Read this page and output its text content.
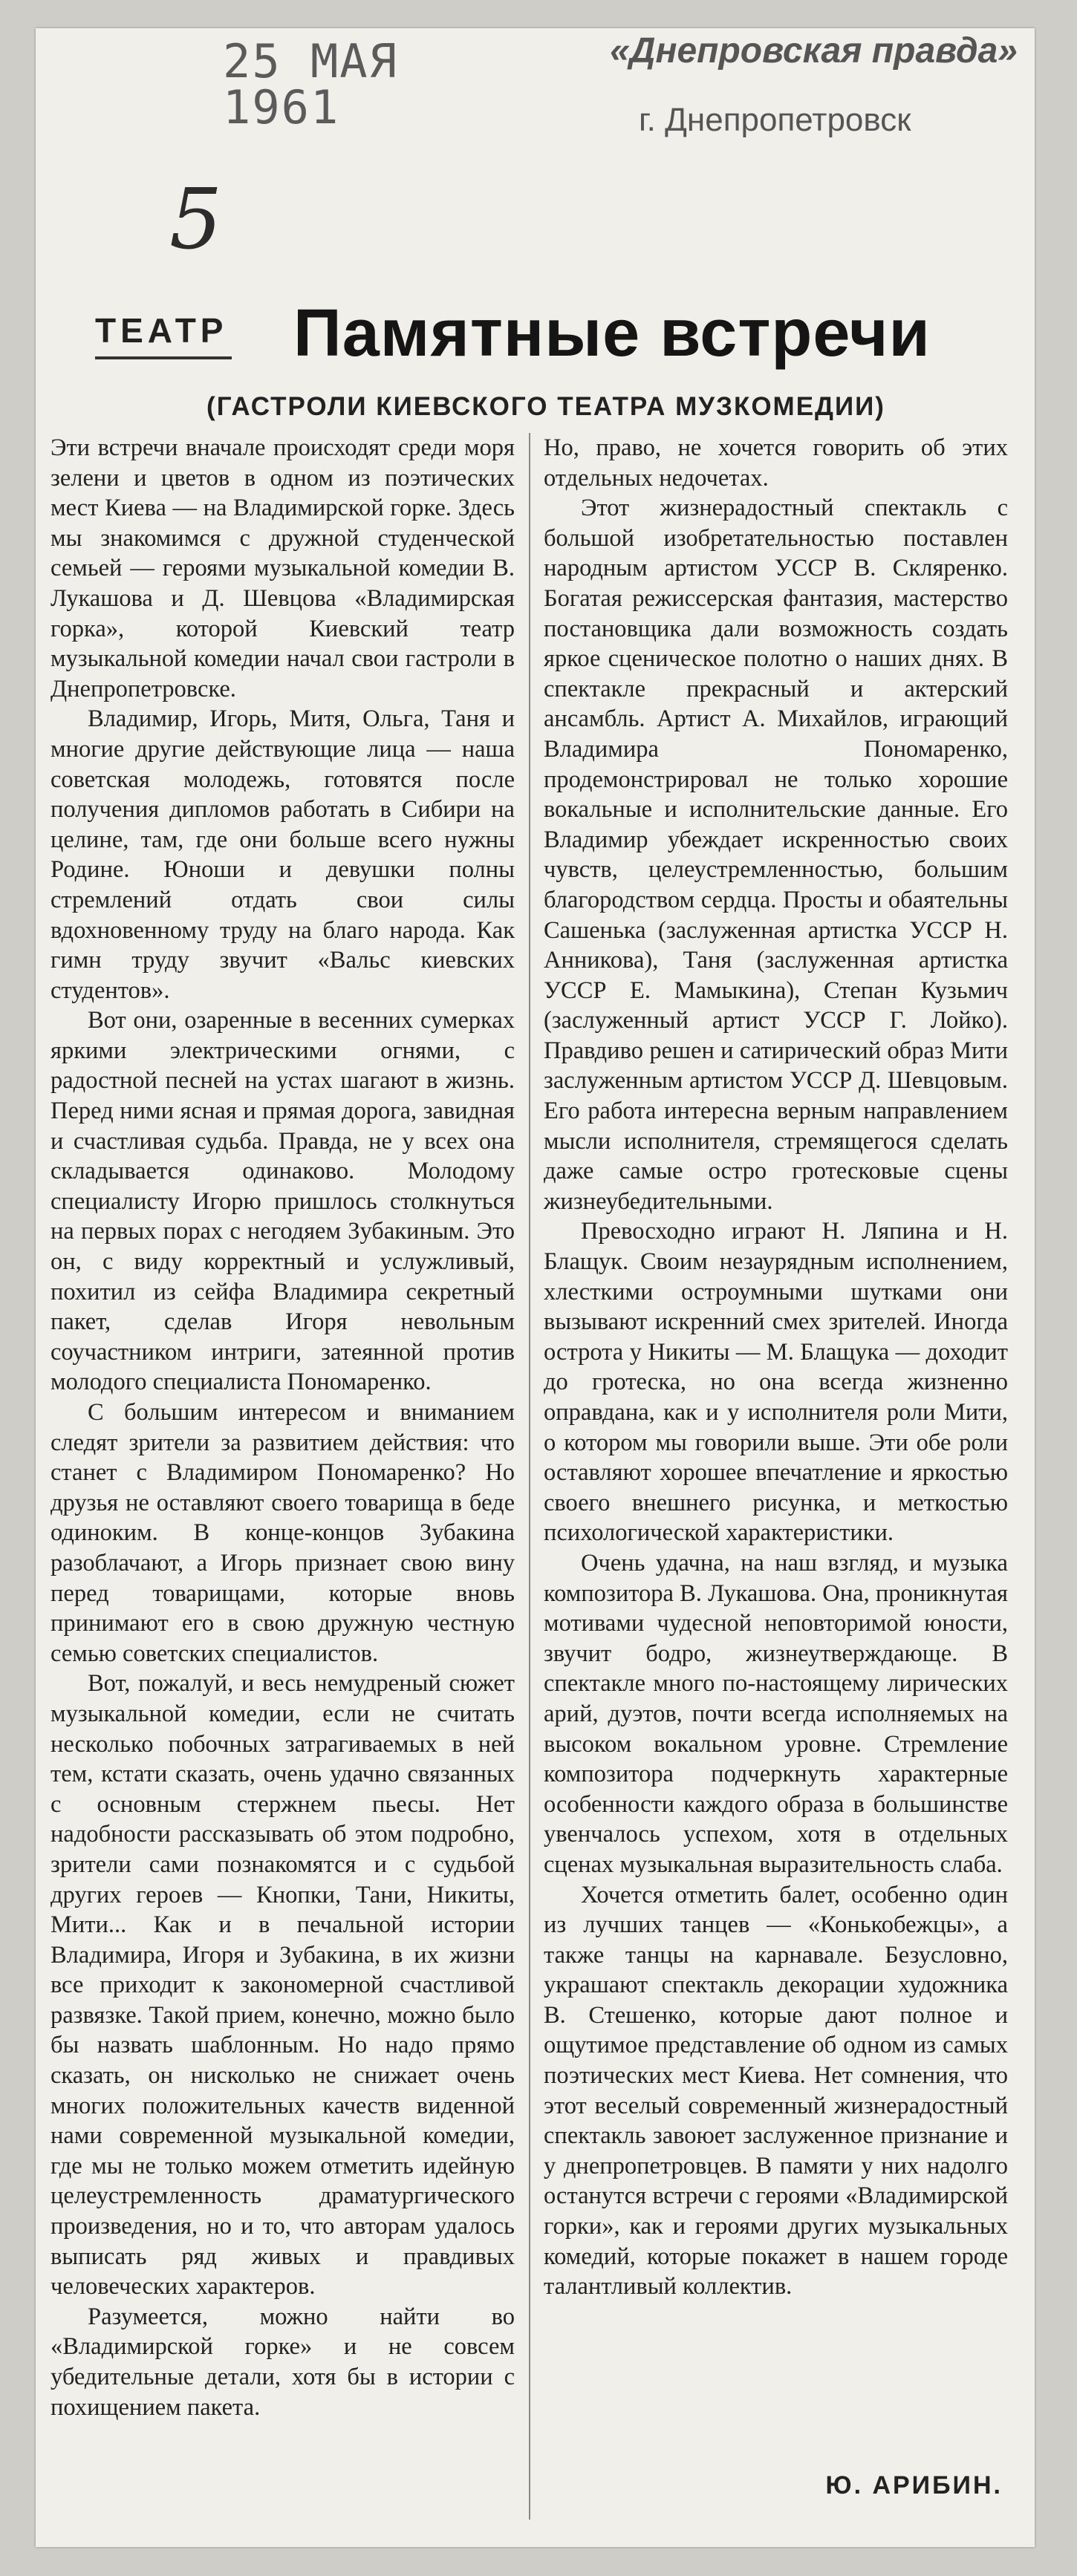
25 МАЯ 1961
«Днепровская правда»
г. Днепропетровск
5
ТЕАТР Памятные встречи
(ГАСТРОЛИ КИЕВСКОГО ТЕАТРА МУЗКОМЕДИИ)

Эти встречи вначале происходят среди моря зелени и цветов в одном из поэтических мест Киева — на Владимирской горке. Здесь мы знакомимся с дружной студенческой семьей — героями музыкальной комедии В. Лукашова и Д. Шевцова «Владимирская горка», которой Киевский театр музыкальной комедии начал свои гастроли в Днепропетровске.

Владимир, Игорь, Митя, Ольга, Таня и многие другие действующие лица — наша советская молодежь, готовятся после получения дипломов работать в Сибири на целине, там, где они больше всего нужны Родине. Юноши и девушки полны стремлений отдать свои силы вдохновенному труду на благо народа. Как гимн труду звучит «Вальс киевских студентов».

Вот они, озаренные в весенних сумерках яркими электрическими огнями, с радостной песней на устах шагают в жизнь. Перед ними ясная и прямая дорога, завидная и счастливая судьба. Правда, не у всех она складывается одинаково. Молодому специалисту Игорю пришлось столкнуться на первых порах с негодяем Зубакиным. Это он, с виду корректный и услужливый, похитил из сейфа Владимира секретный пакет, сделав Игоря невольным соучастником интриги, затеянной против молодого специалиста Пономаренко.

С большим интересом и вниманием следят зрители за развитием действия: что станет с Владимиром Пономаренко? Но друзья не оставляют своего товарища в беде одиноким. В конце-концов Зубакина разоблачают, а Игорь признает свою вину перед товарищами, которые вновь принимают его в свою дружную честную семью советских специалистов.

Вот, пожалуй, и весь немудреный сюжет музыкальной комедии, если не считать несколько побочных затрагиваемых в ней тем, кстати сказать, очень удачно связанных с основным стержнем пьесы. Нет надобности рассказывать об этом подробно, зрители сами познакомятся и с судьбой других героев — Кнопки, Тани, Никиты, Мити... Как и в печальной истории Владимира, Игоря и Зубакина, в их жизни все приходит к закономерной счастливой развязке. Такой прием, конечно, можно было бы назвать шаблонным. Но надо прямо сказать, он нисколько не снижает очень многих положительных качеств виденной нами современной музыкальной комедии, где мы не только можем отметить идейную целеустремленность драматургического произведения, но и то, что авторам удалось выписать ряд живых и правдивых человеческих характеров.

Разумеется, можно найти во «Владимирской горке» и не совсем убедительные детали, хотя бы в истории с похищением пакета.

Но, право, не хочется говорить об этих отдельных недочетах.

Этот жизнерадостный спектакль с большой изобретательностью поставлен народным артистом УССР В. Скляренко. Богатая режиссерская фантазия, мастерство постановщика дали возможность создать яркое сценическое полотно о наших днях. В спектакле прекрасный и актерский ансамбль. Артист А. Михайлов, играющий Владимира Пономаренко, продемонстрировал не только хорошие вокальные и исполнительские данные. Его Владимир убеждает искренностью своих чувств, целеустремленностью, большим благородством сердца. Просты и обаятельны Сашенька (заслуженная артистка УССР Н. Анникова), Таня (заслуженная артистка УССР Е. Мамыкина), Степан Кузьмич (заслуженный артист УССР Г. Лойко). Правдиво решен и сатирический образ Мити заслуженным артистом УССР Д. Шевцовым. Его работа интересна верным направлением мысли исполнителя, стремящегося сделать даже самые остро гротесковые сцены жизнеубедительными.

Превосходно играют Н. Ляпина и Н. Блащук. Своим незаурядным исполнением, хлесткими остроумными шутками они вызывают искренний смех зрителей. Иногда острота у Никиты — М. Блащука — доходит до гротеска, но она всегда жизненно оправдана, как и у исполнителя роли Мити, о котором мы говорили выше. Эти обе роли оставляют хорошее впечатление и яркостью своего внешнего рисунка, и меткостью психологической характеристики.

Очень удачна, на наш взгляд, и музыка композитора В. Лукашова. Она, проникнутая мотивами чудесной неповторимой юности, звучит бодро, жизнеутверждающе. В спектакле много по-настоящему лирических арий, дуэтов, почти всегда исполняемых на высоком вокальном уровне. Стремление композитора подчеркнуть характерные особенности каждого образа в большинстве увенчалось успехом, хотя в отдельных сценах музыкальная выразительность слаба.

Хочется отметить балет, особенно один из лучших танцев — «Конькобежцы», а также танцы на карнавале. Безусловно, украшают спектакль декорации художника В. Стешенко, которые дают полное и ощутимое представление об одном из самых поэтических мест Киева. Нет сомнения, что этот веселый современный жизнерадостный спектакль завоюет заслуженное признание и у днепропетровцев. В памяти у них надолго останутся встречи с героями «Владимирской горки», как и героями других музыкальных комедий, которые покажет в нашем городе талантливый коллектив.

Ю. АРИБИН.
